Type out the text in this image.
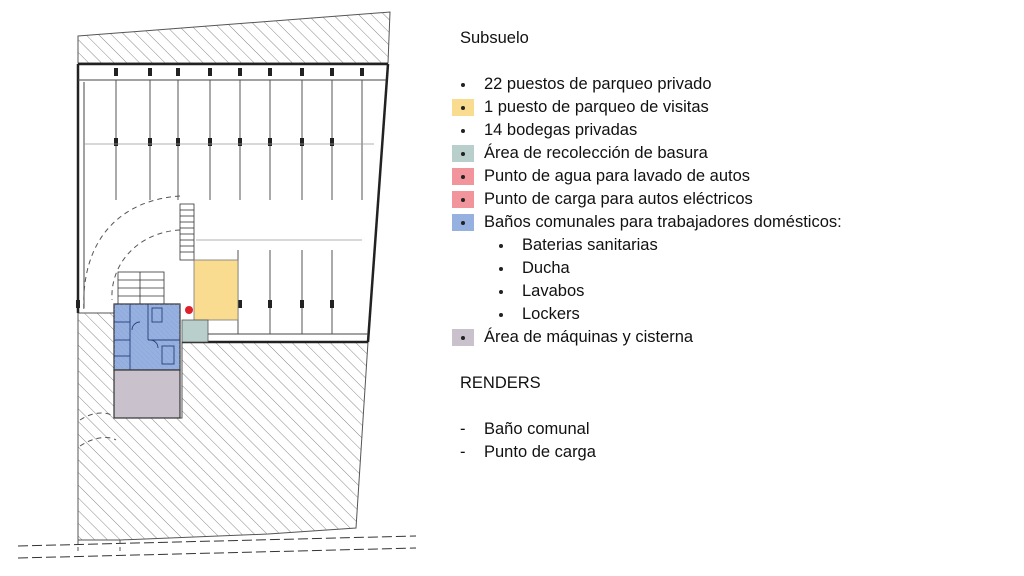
Subsuelo
22 puestos de parqueo privado
1 puesto de parqueo de visitas
14 bodegas privadas
Área de recolección de basura
Punto de agua para lavado de autos
Punto de carga para autos eléctricos
Baños comunales para trabajadores domésticos:
Baterias sanitarias
Ducha
Lavabos
Lockers
Área de máquinas y cisterna
RENDERS
- Baño comunal
- Punto de carga
